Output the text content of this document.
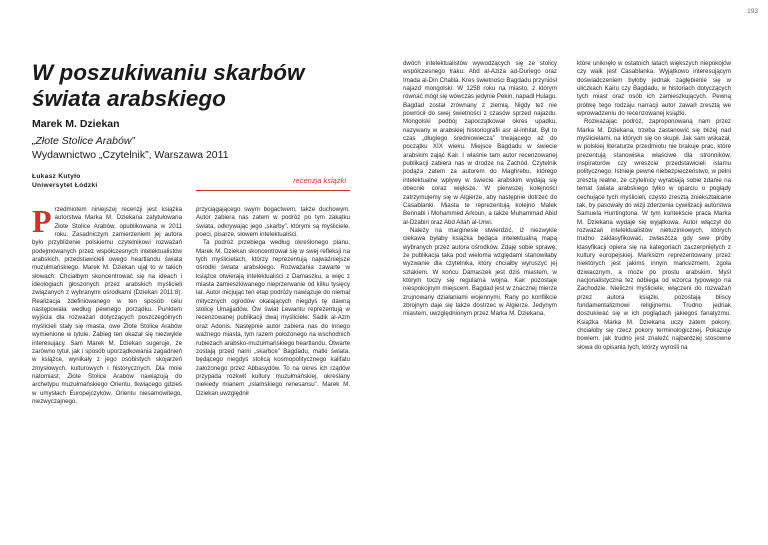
193
W poszukiwaniu skarbów świata arabskiego
Marek M. Dziekan
„Złote Stolice Arabów”
Wydawnictwo „Czytelnik”, Warszawa 2011
Łukasz Kutyło
Uniwersytet Łódzki
recenzja książki
P rzedmiotem niniejszej recenzji jest książka autorstwa Marka M. Dziekana zatytułowana Złote Stolice Arabów, opublikowana w 2011 roku. Zasadniczym zamierzeniem jej autora było przybliżenie polskiemu czytelnikowi rozważań podejmowanych przez współczesnych intelektualistów arabskich, przedstawicieli owego heartlandu świata muzułmańskiego. Marek M. Dziekan ujął to w takich słowach: Chciałbym skoncentrować się na ideach i ideologiach głoszonych przez arabskich myślicieli związanych z wybranymi ośrodkami (Dziekan 2011:8). Realizacja zdefiniowanego w ten sposób celu następowała według pewnego porządku. Punktem wyjścia dla rozważań dotyczących poszczególnych myślicieli stały się miasta, owe Złote Stolice Arabów wymienione w tytule. Zabieg ten okazał się niezwykle interesujący. Sam Marek M. Dziekan sugeruje, że zarówno tytuł, jak i sposób uporządkowania zagadnień w książce, wynikały z jego osobistych skojarzeń zmysłowych, kulturowych i historycznych. Dla mnie natomiast, Złote Stolice Arabów nawiązują do archetypu muzułmańskiego Orientu, tkwiącego gdzieś w umysłach Europejczyków, Orientu niesamowitego, niezwyczajnego,

przyciągającego swym bogactwem, także duchowym. Autor zabiera nas zatem w podróż po tym zakątku świata, odkrywając jego „skarby”, którymi są myśliciele, poeci, pisarze, słowem intelektualiści.

Ta podróż przebiega według określonego planu. Marek M. Dziekan skoncentrował się w swej refleksji na tych myślicielach, którzy reprezentują najważniejsze ośrodki świata arabskiego. Rozważania zawarte w książce otwierają intelektualiści z Damaszku, a więc z miasta zamieszkiwanego nieprzerwanie od kilku tysięcy lat. Autor inicjując ten etap podróży nawiązuje do niemal mitycznych ogrodów okalających niegdyś tę dawną stolicę Umajjadów. Ów świat Lewantu reprezentują w recenzowanej publikacji dwaj myśliciele: Sadik al-Azm oraz Adonis. Następnie autor zabiera nas do innego ważnego miasta, tym razem położonego na wschodnich rubieżach arabsko-muzułmańskiego heartlandu. Otwarte zostają przed nami „skarbce” Bagdadu, matki świata, będącego niegdyś stolicą kosmopolitycznego kalifatu założonego przez Abbasydów. To na okres ich rządów przypada rozkwit kultury muzułmańskiej, określany niekiedy mianem „islamskiego renesansu”. Marek M. Dziekan uwzględnił

dwóch intelektualistów wywodzących się ze stolicy współczesnego Iraku: Abd al-Aziza ad-Duriego oraz Imada al-Din Chalila. Kres świetności Bagdadu przyniósł najazd mongolski. W 1258 roku na miasto, z którym równać mógł się wówczas jedynie Pekin, napadł Hulagu. Bagdad został zrównany z ziemią. Nigdy też nie powrócił do swej świetności z czasów sprzed najazdu. Mongolski podbój zapoczątkował okres upadku, nazywany w arabskiej historiografii asr al-inhitat. Był to czas „długiego średniowiecza” trwającego aż do początku XIX wieku. Miejsce Bagdadu w świecie arabskim zająć Kair. I właśnie tam autor recenzowanej publikacji zabiera nas w drodze na Zachód. Czytelnik podąża zatem za autorem do Maghrebu, którego intelektualne wpływy w świecie arabskim wydają się obecnie coraz większe. W pierwszej kolejności zatrzymujemy się w Algierze, aby następnie dotrzeć do Casablanki. Miasta te reprezentują kolejno Malek Bennabi i Mohammed Arkoun, a także Muhammad Abid al-Dżabiri oraz Abd Allah al-Urwi.

Należy na marginesie stwierdzić, iż niezwykle ciekawa byłaby książka będąca intelektualną mapą wybranych przez autora ośrodków. Zdaję sobie sprawę, że publikacja taka pod wieloma względami stanowiłaby wyzwanie dla czytelnika, który chciałby wyruszyć jej szlakiem. W końcu Damaszek jest dziś miastem, w którym toczy się regularna wojna. Kair pozostaje niespokojnym miejscem. Bagdad jest w znacznej mierze zrujnowany działaniami wojennymi. Rany po konflikcie zbrojnym daje się także dostrzec w Algierze. Jedynym miastem, uwzględnionym przez Marka M. Dziekana,

które uniknęło w ostatnich latach większych niepokojów czy walk jest Casablanka. Wyjątkowo interesującym doświadczeniem byłoby jednak zagłębienie się w uliczkach Kairu czy Bagdadu, w historiach dotyczących tych miast oraz osób ich zamieszkujących. Pewną próbkę tego rodzaju narracji autor zawarł zresztą we wprowadzeniu do recenzowanej książki.

Rozważając podróż, zaproponowaną nam przez Marka M. Dziekana, trzeba zastanowić się bliżej nad myślicielami, na których się on skupił. Jak sam wskazał, w polskiej literaturze przedmiotu nie brakuje prac, które prezentują stanowiska właściwe dla stronników, inspiratorów czy wreszcie przedstawicieli islamu politycznego. Istnieje pewne niebezpieczeństwo, w pełni zresztą realne, że czytelnicy wyrabiają sobie zdanie na temat świata arabskiego tylko w oparciu o poglądy cechujące tych myślicieli, często zresztą zniekształcane tak, by pasowały do wizji zderzenia cywilizacji autorstwa Samuela Huntingtona. W tym kontekście praca Marka M. Dziekana wydaje się wyjątkowa. Autor włączył do rozważań intelektualistów nietuzinkowych, których trudno zaklasyfikować, zwłaszcza gdy swe próby klasyfikacji opiera się na kategoriach zaczerpniętych z kultury europejskiej. Marksizm reprezentowany przez niektórych jest jakimś innym marksizmem, zgoła dziwacznym, a może po prostu arabskim. Myśl nacjonalistyczna też odbiega od wzorca typowego na Zachodzie. Nieliczni myśliciele, włączeni do rozważań przez autora książki, pozostają bliscy fundamentalizmowi religijnemu. Trudno jednak doszukiwać się w ich poglądach jakiegoś fanatyzmu. Książka Marka M. Dziekana uczy zatem pokory, chciałoby się rzecz pokory terminologicznej. Pokazuje bowiem, jak trudno jest znaleźć najbardziej stosowne słowa do opisania tych, którzy wyrośli na
